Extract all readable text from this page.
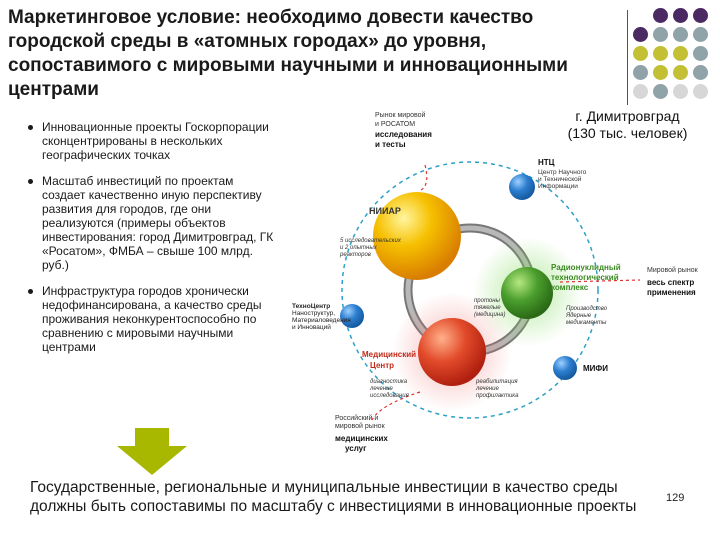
Маркетинговое условие: необходимо довести качество городской среды в «атомных городах» до уровня, сопоставимого с мировыми научными и инновационными центрами
Инновационные проекты Госкорпорации сконцентрированы в нескольких географических точках
Масштаб инвестиций по проектам создает качественно иную перспективу развития для городов, где они реализуются (примеры объектов инвестирования: город Димитровград, ГК «Росатом», ФМБА – свыше 100 млрд. руб.)
Инфраструктура городов хронически недофинансирована, а качество среды проживания неконкурентоспособно по сравнению с мировыми научными центрами
г. Димитровград
(130 тыс. человек)
Рынок мировой и РОСАТОМ
исследования и тесты
НТЦ
Центр Научного и Технической Информации
НИИАР
5 исследовательских и 2 опытных реакторов
Радионуклидный технологический комплекс
Мировой рынок
весь спектр применения
ТехноЦентр Наноструктур, Материаловедения и Инноваций
протоны тяжелые (медицина)
Производство Ядерные медикаменты
Медицинский Центр
диагностика лечение исследования
реабилитация лечение профилактика
МИФИ
Российский и мировой рынок
медицинских услуг
Государственные, региональные и муниципальные инвестиции в качество среды должны быть сопоставимы по масштабу с инвестициями в инновационные проекты	129
